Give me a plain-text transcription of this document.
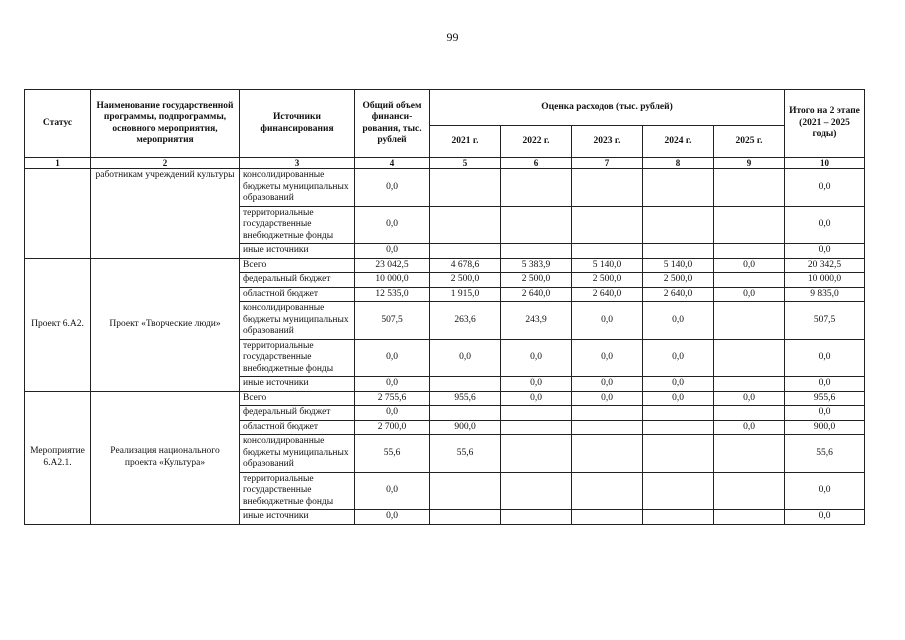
99
Статус	Наименование государственной программы, подпрограммы, основного мероприятия, мероприятия	Источники финансирования	Общий объем финанси-рования, тыс. рублей	Оценка расходов (тыс. рублей)					Итого на 2 этапе (2021 – 2025 годы)
				2021 г.	2022 г.	2023 г.	2024 г.	2025 г.	
1	2	3	4	5	6	7	8	9	10
	работникам учреждений культуры	консолидированные бюджеты муниципальных образований	0,0						0,0
		территориальные государственные внебюджетные фонды	0,0						0,0
		иные источники	0,0						0,0
Проект 6.А2.	Проект «Творческие люди»	Всего	23 042,5	4 678,6	5 383,9	5 140,0	5 140,0	0,0	20 342,5
		федеральный бюджет	10 000,0	2 500,0	2 500,0	2 500,0	2 500,0		10 000,0
		областной бюджет	12 535,0	1 915,0	2 640,0	2 640,0	2 640,0	0,0	9 835,0
		консолидированные бюджеты муниципальных образований	507,5	263,6	243,9	0,0	0,0		507,5
		территориальные государственные внебюджетные фонды	0,0	0,0	0,0	0,0	0,0		0,0
		иные источники	0,0		0,0	0,0	0,0		0,0
Мероприятие 6.А2.1.	Реализация национального проекта «Культура»	Всего	2 755,6	955,6	0,0	0,0	0,0	0,0	955,6
		федеральный бюджет	0,0						0,0
		областной бюджет	2 700,0	900,0				0,0	900,0
		консолидированные бюджеты муниципальных образований	55,6	55,6					55,6
		территориальные государственные внебюджетные фонды	0,0						0,0
		иные источники	0,0						0,0
